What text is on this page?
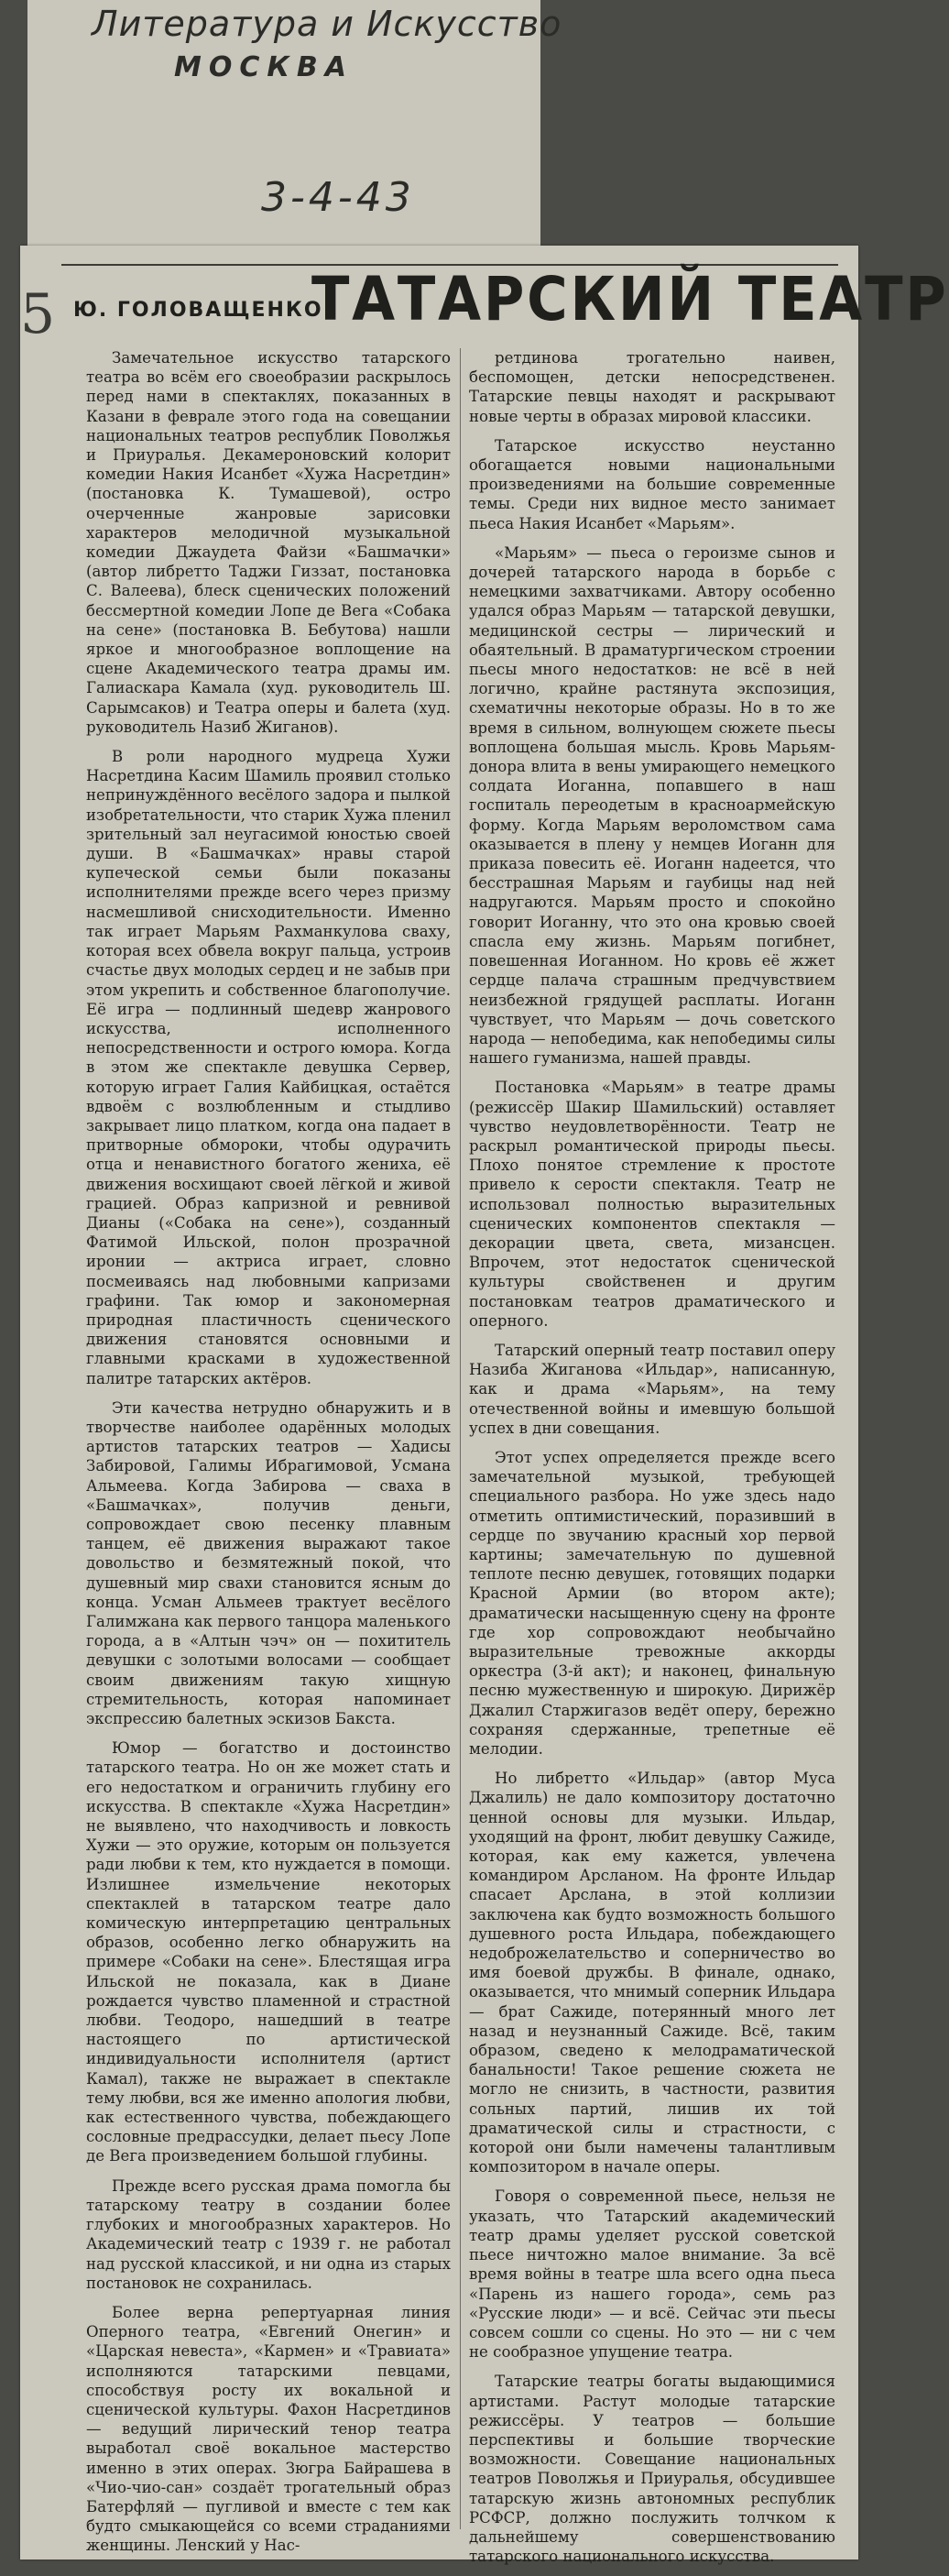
Литература и Искусство
МОСКВА
3-4-43
5 Ю. ГОЛОВАЩЕНКО
ТАТАРСКИЙ ТЕАТР

Замечательное искусство татарского театра во всём его своеобразии раскрылось перед нами в спектаклях, показанных в Казани в феврале этого года на совещании национальных театров республик Поволжья и Приуралья. Декамероновский колорит комедии Накия Исанбет «Хужа Насретдин» (постановка К. Тумашевой), остро очерченные жанровые зарисовки характеров мелодичной музыкальной комедии Джаудета Файзи «Башмачки» (автор либретто Таджи Гиззат, постановка С. Валеева), блеск сценических положений бессмертной комедии Лопе де Вега «Собака на сене» (постановка В. Бебутова) нашли яркое и многообразное воплощение на сцене Академического театра драмы им. Галиаскара Камала (худ. руководитель Ш. Сарымсаков) и Театра оперы и балета (худ. руководитель Назиб Жиганов).

В роли народного мудреца Хужи Насретдина Касим Шамиль проявил столько непринуждённого весёлого задора и пылкой изобретательности, что старик Хужа пленил зрительный зал неугасимой юностью своей души. В «Башмачках» нравы старой купеческой семьи были показаны исполнителями прежде всего через призму насмешливой снисходительности. Именно так играет Марьям Рахманкулова сваху, которая всех обвела вокруг пальца, устроив счастье двух молодых сердец и не забыв при этом укрепить и собственное благополучие. Её игра — подлинный шедевр жанрового искусства, исполненного непосредственности и острого юмора. Когда в этом же спектакле девушка Сервер, которую играет Галия Кайбицкая, остаётся вдвоём с возлюбленным и стыдливо закрывает лицо платком, когда она падает в притворные обмороки, чтобы одурачить отца и ненавистного богатого жениха, её движения восхищают своей лёгкой и живой грацией. Образ капризной и ревнивой Дианы («Собака на сене»), созданный Фатимой Ильской, полон прозрачной иронии — актриса играет, словно посмеиваясь над любовными капризами графини. Так юмор и закономерная природная пластичность сценического движения становятся основными и главными красками в художественной палитре татарских актёров.

Эти качества нетрудно обнаружить и в творчестве наиболее одарённых молодых артистов татарских театров — Хадисы Забировой, Галимы Ибрагимовой, Усмана Альмеева. Когда Забирова — сваха в «Башмачках», получив деньги, сопровождает свою песенку плавным танцем, её движения выражают такое довольство и безмятежный покой, что душевный мир свахи становится ясным до конца. Усман Альмеев трактует весёлого Галимжана как первого танцора маленького города, а в «Алтын чэч» он — похититель девушки с золотыми волосами — сообщает своим движениям такую хищную стремительность, которая напоминает экспрессию балетных эскизов Бакста.

Юмор — богатство и достоинство татарского театра. Но он же может стать и его недостатком и ограничить глубину его искусства. В спектакле «Хужа Насретдин» не выявлено, что находчивость и ловкость Хужи — это оружие, которым он пользуется ради любви к тем, кто нуждается в помощи. Излишнее измельчение некоторых спектаклей в татарском театре дало комическую интерпретацию центральных образов, особенно легко обнаружить на примере «Собаки на сене». Блестящая игра Ильской не показала, как в Диане рождается чувство пламенной и страстной любви. Теодоро, нашедший в театре настоящего по артистической индивидуальности исполнителя (артист Камал), также не выражает в спектакле тему любви, вся же именно апология любви, как естественного чувства, побеждающего сословные предрассудки, делает пьесу Лопе де Вега произведением большой глубины.

Прежде всего русская драма помогла бы татарскому театру в создании более глубоких и многообразных характеров. Но Академический театр с 1939 г. не работал над русской классикой, и ни одна из старых постановок не сохранилась.

Более верна репертуарная линия Оперного театра, «Евгений Онегин» и «Царская невеста», «Кармен» и «Травиата» исполняются татарскими певцами, способствуя росту их вокальной и сценической культуры. Фахон Насретдинов — ведущий лирический тенор театра выработал своё вокальное мастерство именно в этих операх. Зюгра Байрашева в «Чио-чио-сан» создаёт трогательный образ Батерфляй — пугливой и вместе с тем как будто смыкающейся со всеми страданиями женщины. Ленский у Нас-

ретдинова трогательно наивен, беспомощен, детски непосредственен. Татарские певцы находят и раскрывают новые черты в образах мировой классики.

Татарское искусство неустанно обогащается новыми национальными произведениями на большие современные темы. Среди них видное место занимает пьеса Накия Исанбет «Марьям».

«Марьям» — пьеса о героизме сынов и дочерей татарского народа в борьбе с немецкими захватчиками. Автору особенно удался образ Марьям — татарской девушки, медицинской сестры — лирический и обаятельный. В драматургическом строении пьесы много недостатков: не всё в ней логично, крайне растянута экспозиция, схематичны некоторые образы. Но в то же время в сильном, волнующем сюжете пьесы воплощена большая мысль. Кровь Марьям-донора влита в вены умирающего немецкого солдата Иоганна, попавшего в наш госпиталь переодетым в красноармейскую форму. Когда Марьям вероломством сама оказывается в плену у немцев Иоганн для приказа повесить её. Иоганн надеется, что бесстрашная Марьям и гаубицы над ней надругаются. Марьям просто и спокойно говорит Иоганну, что это она кровью своей спасла ему жизнь. Марьям погибнет, повешенная Иоганном. Но кровь её жжет сердце палача страшным предчувствием неизбежной грядущей расплаты. Иоганн чувствует, что Марьям — дочь советского народа — непобедима, как непобедимы силы нашего гуманизма, нашей правды.

Постановка «Марьям» в театре драмы (режиссёр Шакир Шамильский) оставляет чувство неудовлетворённости. Театр не раскрыл романтической природы пьесы. Плохо понятое стремление к простоте привело к серости спектакля. Театр не использовал полностью выразительных сценических компонентов спектакля — декорации цвета, света, мизансцен. Впрочем, этот недостаток сценической культуры свойственен и другим постановкам театров драматического и оперного.

Татарский оперный театр поставил оперу Назиба Жиганова «Ильдар», написанную, как и драма «Марьям», на тему отечественной войны и имевшую большой успех в дни совещания.

Этот успех определяется прежде всего замечательной музыкой, требующей специального разбора. Но уже здесь надо отметить оптимистический, поразивший в сердце по звучанию красный хор первой картины; замечательную по душевной теплоте песню девушек, готовящих подарки Красной Армии (во втором акте); драматически насыщенную сцену на фронте где хор сопровождают необычайно выразительные тревожные аккорды оркестра (3-й акт); и наконец, финальную песню мужественную и широкую. Дирижёр Джалил Старжигазов ведёт оперу, бережно сохраняя сдержанные, трепетные её мелодии.

Но либретто «Ильдар» (автор Муса Джалиль) не дало композитору достаточно ценной основы для музыки. Ильдар, уходящий на фронт, любит девушку Сажиде, которая, как ему кажется, увлечена командиром Арсланом. На фронте Ильдар спасает Арслана, в этой коллизии заключена как будто возможность большого душевного роста Ильдара, побеждающего недоброжелательство и соперничество во имя боевой дружбы. В финале, однако, оказывается, что мнимый соперник Ильдара — брат Сажиде, потерянный много лет назад и неузнанный Сажиде. Всё, таким образом, сведено к мелодраматической банальности! Такое решение сюжета не могло не снизить, в частности, развития сольных партий, лишив их той драматической силы и страстности, с которой они были намечены талантливым композитором в начале оперы.

Говоря о современной пьесе, нельзя не указать, что Татарский академический театр драмы уделяет русской советской пьесе ничтожно малое внимание. За всё время войны в театре шла всего одна пьеса «Парень из нашего города», семь раз «Русские люди» — и всё. Сейчас эти пьесы совсем сошли со сцены. Но это — ни с чем не сообразное упущение театра.

Татарские театры богаты выдающимися артистами. Растут молодые татарские режиссёры. У театров — большие перспективы и большие творческие возможности. Совещание национальных театров Поволжья и Приуралья, обсудившее татарскую жизнь автономных республик РСФСР, должно послужить толчком к дальнейшему совершенствованию татарского национального искусства.
